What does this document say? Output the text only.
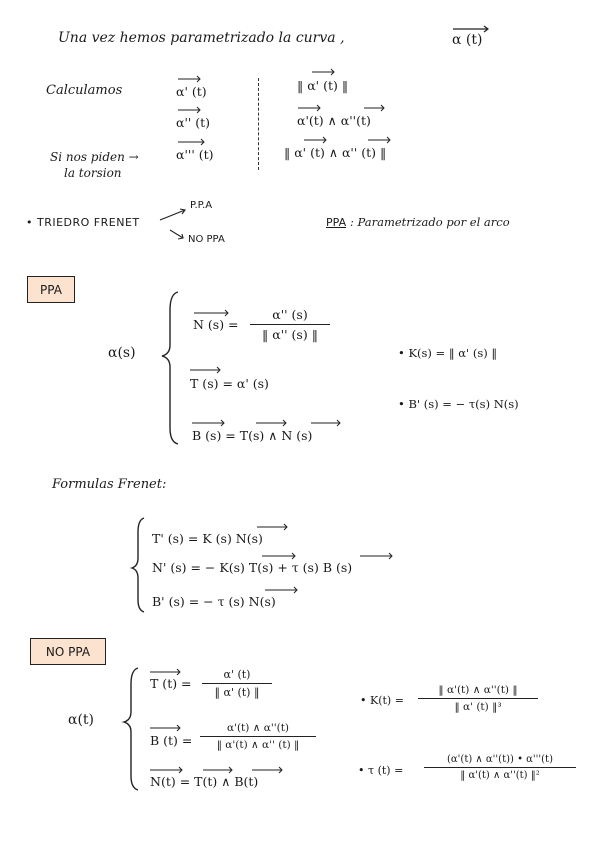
Una vez hemos parametrizado la curva ,	α (t)
Calculamos	α' (t)
α'' (t)
α''' (t)
‖ α' (t) ‖
α'(t) ∧ α''(t)
‖ α' (t) ∧ α'' (t) ‖
Si nos piden →
la torsion
• TRIEDRO FRENET
P.P.A
NO PPA
PPA : Parametrizado por el arco
PPA
α(s)
N (s) =
α'' (s)
‖ α'' (s) ‖
T (s) = α' (s)
B (s) = T(s) ∧ N (s)
• K(s) = ‖ α' (s) ‖
• B' (s) = − τ(s) N(s)
Formulas Frenet:
T' (s) = K (s) N(s)
N' (s) = − K(s) T(s) + τ (s) B (s)
B' (s) = − τ (s) N(s)
NO PPA
α(t)
T (t) =
α' (t)
‖ α' (t) ‖
B (t) =
α'(t) ∧ α''(t)
‖ α'(t) ∧ α'' (t) ‖
N(t) = T(t) ∧ B(t)
• K(t) =
‖ α'(t) ∧ α''(t) ‖
‖ α' (t) ‖³
• τ (t) =
(α'(t) ∧ α''(t)) • α'''(t)
‖ α'(t) ∧ α''(t) ‖²
